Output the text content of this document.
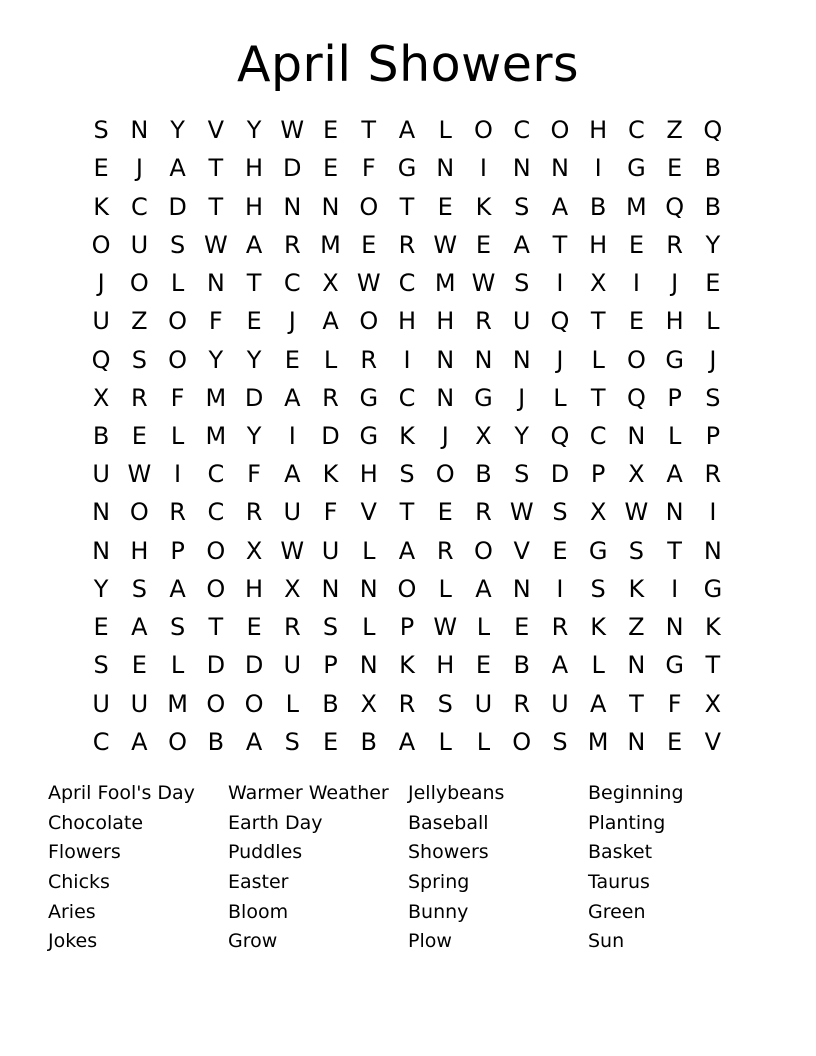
April Showers
S N Y V Y W E T A L O C O H C Z Q
E	J	A T H D E F G N	I	N N	I	G E B
K C D T H N N O T E K S A B M Q B
O U S W A R M E R W E A T H E R Y
J	O L N T C X W C M W S	I	X	I	J	E
U Z O F E	J	A O H H R U Q T E H L
Q S O Y Y E L R	I	N N N	J	L O G	J
X R F M D A R G C N G	J	L	T Q P S
B E L M Y	I	D G K	J	X Y Q C N L	P
U W I	C F A K H S O B S D P X A R
N O R C R U F V T E R W S X W N	I
N H P O X W U L A R O V E G S T N
Y S A O H X N N O L A N	I	S K	I	G
E A S T E R S L	P W L E R K Z N K
S E L D D U P N K H E B A L N G T
U U M O O L B X R S U R U A T F X
C A O B A S E B A L	L O S M N E V
April Fool's Day	Warmer Weather	Jellybeans	Beginning
Chocolate	Earth Day	Baseball	Planting
Flowers	Puddles	Showers	Basket
Chicks	Easter	Spring	Taurus
Aries	Bloom	Bunny	Green
Jokes	Grow	Plow	Sun
